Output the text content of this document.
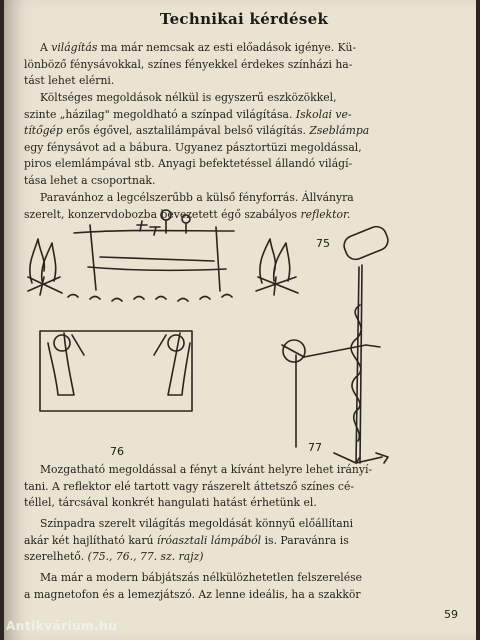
Technikai kérdések

A világítás ma már nemcsak az esti előadások igénye. Kü-
lönböző fénysávokkal, színes fényekkel érdekes színházi ha-
tást lehet elérni.

Költséges megoldások nélkül is egyszerű eszközökkel,
szinte „házilag" megoldható a színpad világítása. Iskolai ve-
títőgép erős égővel, asztalilámpával belső világítás. Zseblámpa
egy fénysávot ad a bábura. Ugyanez pásztortüzi megoldással,
piros elemlámpával stb. Anyagi befektetéssel állandó világí-
tása lehet a csoportnak.

Paravánhoz a legcélszerűbb a külső fényforrás. Állványra
szerelt, konzervdobozba bevezetett égő szabályos reflektor.

75
76	77

Mozgatható megoldással a fényt a kívánt helyre lehet irányí-
tani. A reflektor elé tartott vagy rászerelt áttetsző színes cé-
téllel, tárcsával konkrét hangulati hatást érhetünk el.

Színpadra szerelt világítás megoldását könnyű előállítani
akár két hajlítható karú íróasztali lámpából is. Paravánra is
szerelhető. (75., 76., 77. sz. rajz)

Ma már a modern bábjátszás nélkülözhetetlen felszerelése
a magnetofon és a lemezjátszó. Az lenne ideális, ha a szakkör

59
Antikvárium.hu
